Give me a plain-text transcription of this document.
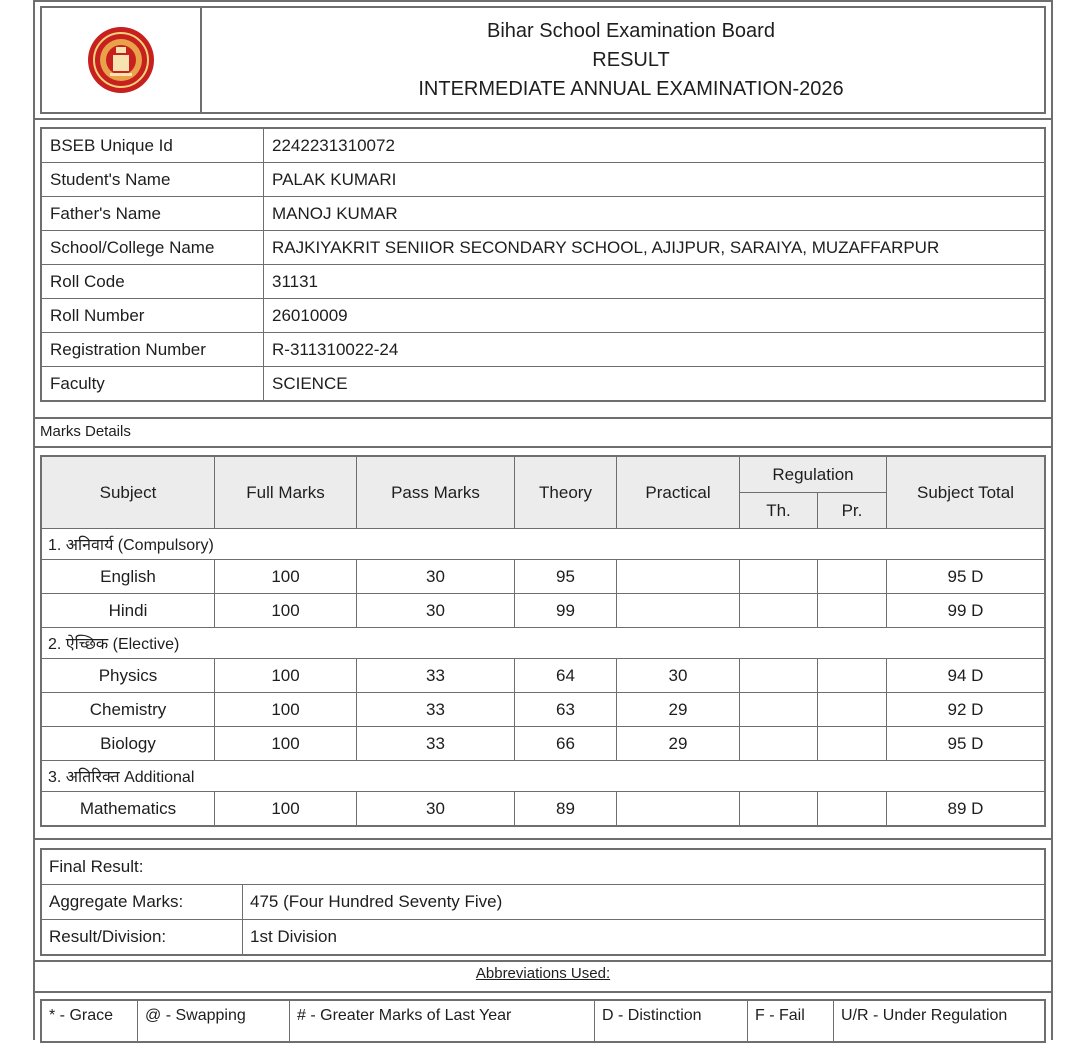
Bihar School Examination Board
RESULT
INTERMEDIATE ANNUAL EXAMINATION-2026
BSEB Unique Id	2242231310072
Student's Name	PALAK KUMARI
Father's Name	MANOJ KUMAR
School/College Name	RAJKIYAKRIT SENIIOR SECONDARY SCHOOL, AJIJPUR, SARAIYA, MUZAFFARPUR
Roll Code	31131
Roll Number	26010009
Registration Number	R-311310022-24
Faculty	SCIENCE
Marks Details
Subject	Full Marks	Pass Marks	Theory	Practical	Regulation		Subject Total
					Th.	Pr.	
1. अनिवार्य (Compulsory)							
English	100	30	95				95 D
Hindi	100	30	99				99 D
2. ऐच्छिक (Elective)							
Physics	100	33	64	30			94 D
Chemistry	100	33	63	29			92 D
Biology	100	33	66	29			95 D
3. अतिरिक्त Additional							
Mathematics	100	30	89				89 D
Final Result:	
Aggregate Marks:	475 (Four Hundred Seventy Five)
Result/Division:	1st Division
Abbreviations Used:
* - Grace	@ - Swapping	# - Greater Marks of Last Year	D - Distinction	F - Fail	U/R - Under Regulation
